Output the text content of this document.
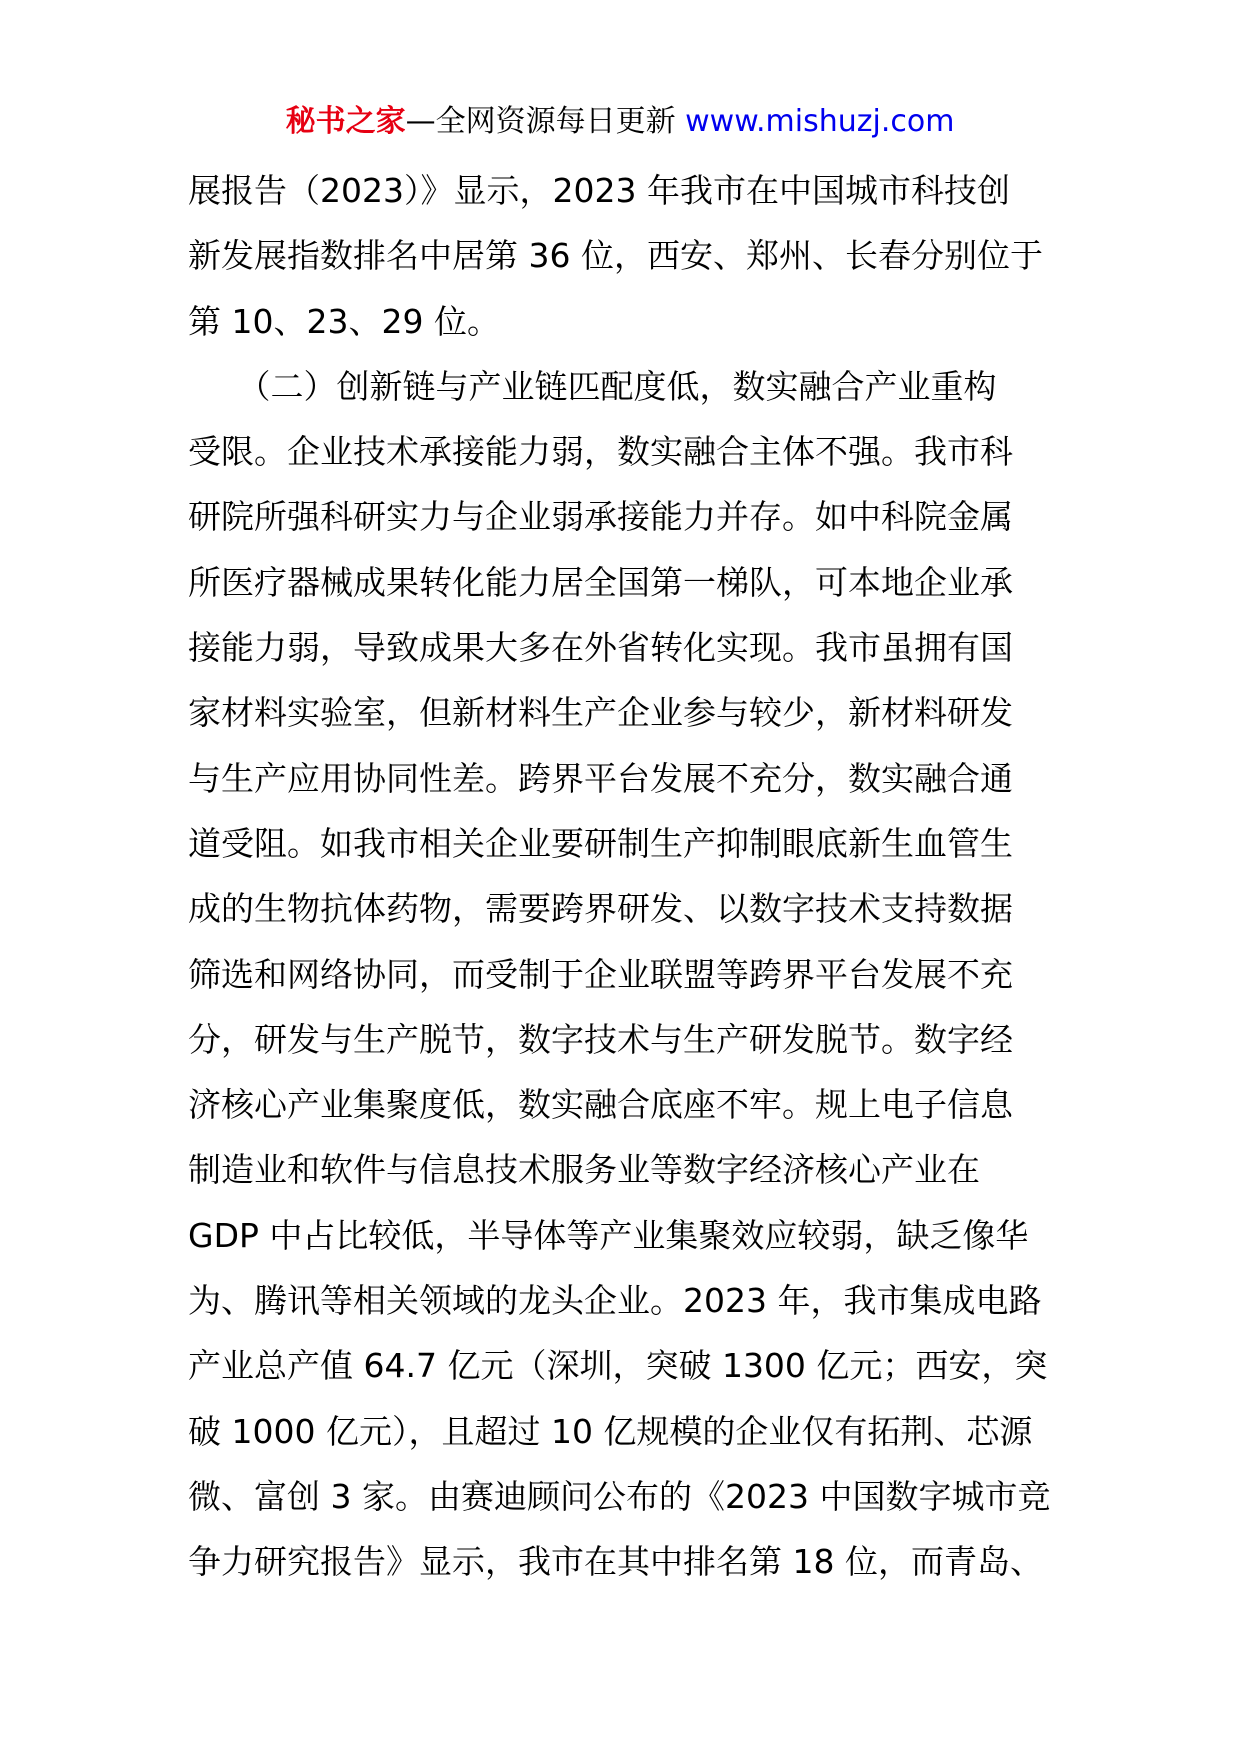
秘书之家—全网资源每日更新 www.mishuzj.com
展报告（2023）》显示，2023 年我市在中国城市科技创
新发展指数排名中居第 36 位，西安、郑州、长春分别位于
第 10、23、29 位。
　　（二）创新链与产业链匹配度低，数实融合产业重构
受限。企业技术承接能力弱，数实融合主体不强。我市科
研院所强科研实力与企业弱承接能力并存。如中科院金属
所医疗器械成果转化能力居全国第一梯队，可本地企业承
接能力弱，导致成果大多在外省转化实现。我市虽拥有国
家材料实验室，但新材料生产企业参与较少，新材料研发
与生产应用协同性差。跨界平台发展不充分，数实融合通
道受阻。如我市相关企业要研制生产抑制眼底新生血管生
成的生物抗体药物，需要跨界研发、以数字技术支持数据
筛选和网络协同，而受制于企业联盟等跨界平台发展不充
分，研发与生产脱节，数字技术与生产研发脱节。数字经
济核心产业集聚度低，数实融合底座不牢。规上电子信息
制造业和软件与信息技术服务业等数字经济核心产业在
GDP 中占比较低，半导体等产业集聚效应较弱，缺乏像华
为、腾讯等相关领域的龙头企业。2023 年，我市集成电路
产业总产值 64.7 亿元（深圳，突破 1300 亿元；西安，突
破 1000 亿元），且超过 10 亿规模的企业仅有拓荆、芯源
微、富创 3 家。由赛迪顾问公布的《2023 中国数字城市竞
争力研究报告》显示，我市在其中排名第 18 位，而青岛、
